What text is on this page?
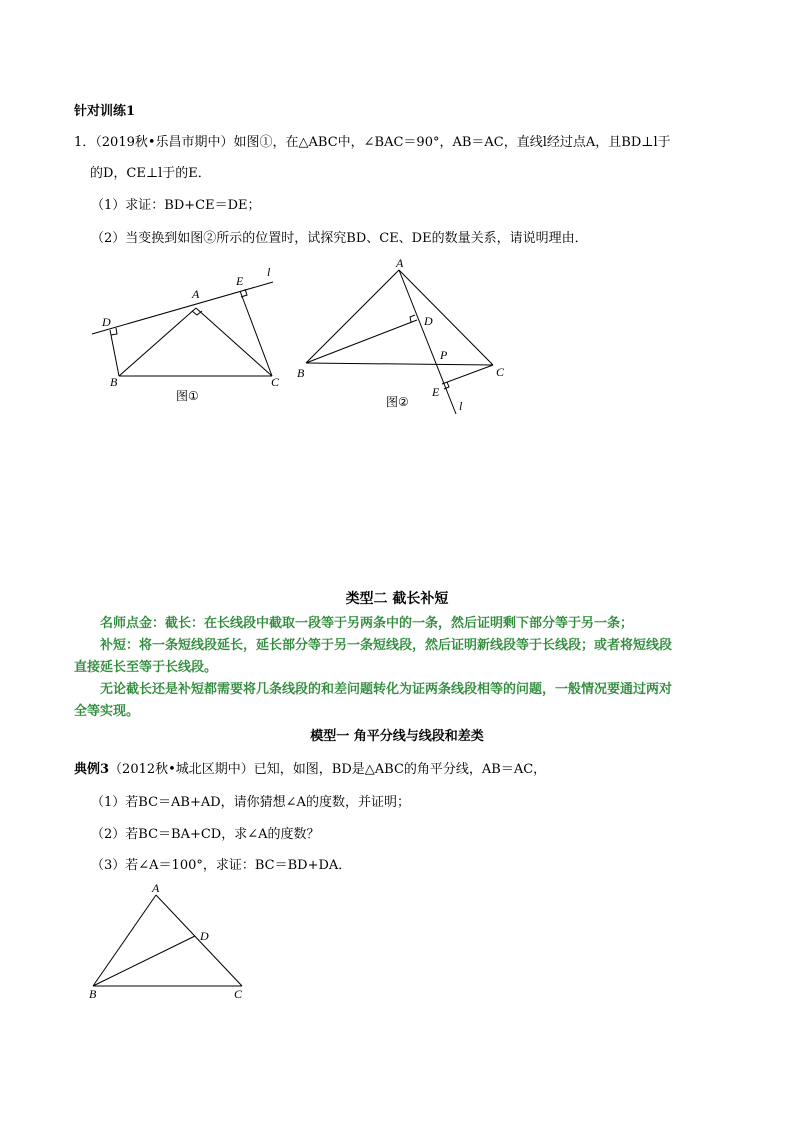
针对训练1
1．（2019秋•乐昌市期中）如图①，在△ABC中，∠BAC＝90°，AB＝AC，直线l经过点A，且BD⊥l于
的D，CE⊥l于的E．
（1）求证：BD+CE＝DE；
（2）当变换到如图②所示的位置时，试探究BD、CE、DE的数量关系，请说明理由．
D
A
E
l
B	C
图①
A
D
P
B	C
E
l
图②
类型二 截长补短
名师点金：截长：在长线段中截取一段等于另两条中的一条，然后证明剩下部分等于另一条；
补短：将一条短线段延长，延长部分等于另一条短线段，然后证明新线段等于长线段；或者将短线段
直接延长至等于长线段。
无论截长还是补短都需要将几条线段的和差问题转化为证两条线段相等的问题，一般情况要通过两对
全等实现。
模型一 角平分线与线段和差类
典例3（2012秋•城北区期中）已知，如图，BD是△ABC的角平分线，AB＝AC，
（1）若BC＝AB+AD，请你猜想∠A的度数，并证明；
（2）若BC＝BA+CD，求∠A的度数？
（3）若∠A＝100°，求证：BC＝BD+DA．
A
D
B	C
